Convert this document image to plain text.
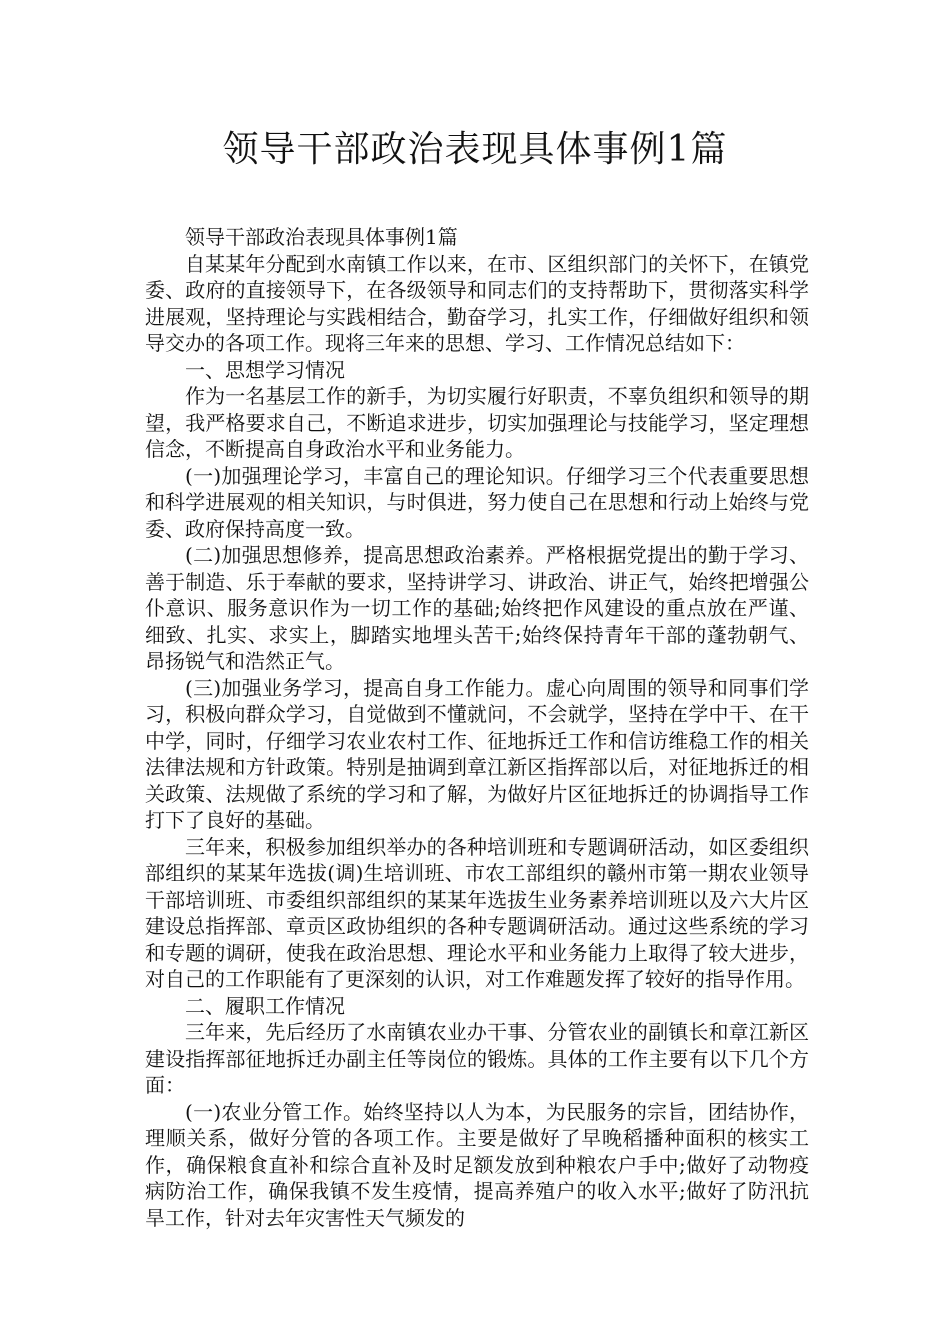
领导干部政治表现具体事例1篇

领导干部政治表现具体事例1篇

自某某年分配到水南镇工作以来，在市、区组织部门的关怀下，在镇党委、政府的直接领导下，在各级领导和同志们的支持帮助下，贯彻落实科学进展观，坚持理论与实践相结合，勤奋学习，扎实工作，仔细做好组织和领导交办的各项工作。现将三年来的思想、学习、工作情况总结如下：

一、思想学习情况

作为一名基层工作的新手，为切实履行好职责，不辜负组织和领导的期望，我严格要求自己，不断追求进步，切实加强理论与技能学习，坚定理想信念，不断提高自身政治水平和业务能力。

(一)加强理论学习，丰富自己的理论知识。仔细学习三个代表重要思想和科学进展观的相关知识，与时俱进，努力使自己在思想和行动上始终与党委、政府保持高度一致。

(二)加强思想修养，提高思想政治素养。严格根据党提出的勤于学习、善于制造、乐于奉献的要求，坚持讲学习、讲政治、讲正气，始终把增强公仆意识、服务意识作为一切工作的基础;始终把作风建设的重点放在严谨、细致、扎实、求实上，脚踏实地埋头苦干;始终保持青年干部的蓬勃朝气、昂扬锐气和浩然正气。

(三)加强业务学习，提高自身工作能力。虚心向周围的领导和同事们学习，积极向群众学习，自觉做到不懂就问，不会就学，坚持在学中干、在干中学，同时，仔细学习农业农村工作、征地拆迁工作和信访维稳工作的相关法律法规和方针政策。特别是抽调到章江新区指挥部以后，对征地拆迁的相关政策、法规做了系统的学习和了解，为做好片区征地拆迁的协调指导工作打下了良好的基础。

三年来，积极参加组织举办的各种培训班和专题调研活动，如区委组织部组织的某某年选拔(调)生培训班、市农工部组织的赣州市第一期农业领导干部培训班、市委组织部组织的某某年选拔生业务素养培训班以及六大片区建设总指挥部、章贡区政协组织的各种专题调研活动。通过这些系统的学习和专题的调研，使我在政治思想、理论水平和业务能力上取得了较大进步，对自己的工作职能有了更深刻的认识，对工作难题发挥了较好的指导作用。

二、履职工作情况

三年来，先后经历了水南镇农业办干事、分管农业的副镇长和章江新区建设指挥部征地拆迁办副主任等岗位的锻炼。具体的工作主要有以下几个方面：

(一)农业分管工作。始终坚持以人为本，为民服务的宗旨，团结协作，理顺关系，做好分管的各项工作。主要是做好了早晚稻播种面积的核实工作，确保粮食直补和综合直补及时足额发放到种粮农户手中;做好了动物疫病防治工作，确保我镇不发生疫情，提高养殖户的收入水平;做好了防汛抗旱工作，针对去年灾害性天气频发的
